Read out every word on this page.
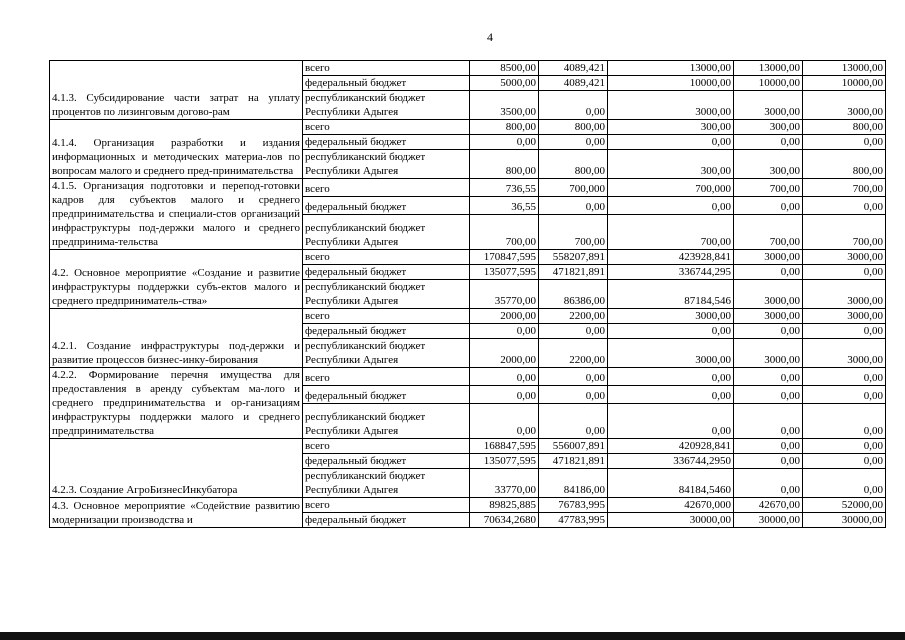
4
4.1.3. Субсидирование части затрат на уплату процентов по лизинговым догово-рам	всего	8500,00	4089,421	13000,00	13000,00	13000,00
	федеральный бюджет	5000,00	4089,421	10000,00	10000,00	10000,00
	республиканский бюджет Республики Адыгея	3500,00	0,00	3000,00	3000,00	3000,00
4.1.4. Организация разработки и издания информационных и методических материа-лов по вопросам малого и среднего пред-принимательства	всего	800,00	800,00	300,00	300,00	800,00
	федеральный бюджет	0,00	0,00	0,00	0,00	0,00
	республиканский бюджет Республики Адыгея	800,00	800,00	300,00	300,00	800,00
4.1.5. Организация подготовки и перепод-готовки кадров для субъектов малого и среднего предпринимательства и специали-стов организаций инфраструктуры под-держки малого и среднего предпринима-тельства	всего	736,55	700,000	700,000	700,00	700,00
	федеральный бюджет	36,55	0,00	0,00	0,00	0,00
	республиканский бюджет Республики Адыгея	700,00	700,00	700,00	700,00	700,00
4.2. Основное мероприятие «Создание и развитие инфраструктуры поддержки субъ-ектов малого и среднего предприниматель-ства»	всего	170847,595	558207,891	423928,841	3000,00	3000,00
	федеральный бюджет	135077,595	471821,891	336744,295	0,00	0,00
	республиканский бюджет Республики Адыгея	35770,00	86386,00	87184,546	3000,00	3000,00
4.2.1. Создание инфраструктуры под-держки и развитие процессов бизнес-инку-бирования	всего	2000,00	2200,00	3000,00	3000,00	3000,00
	федеральный бюджет	0,00	0,00	0,00	0,00	0,00
	республиканский бюджет Республики Адыгея	2000,00	2200,00	3000,00	3000,00	3000,00
4.2.2. Формирование перечня имущества для предоставления в аренду субъектам ма-лого и среднего предпринимательства и ор-ганизациям инфраструктуры поддержки малого и среднего предпринимательства	всего	0,00	0,00	0,00	0,00	0,00
	федеральный бюджет	0,00	0,00	0,00	0,00	0,00
	республиканский бюджет Республики Адыгея	0,00	0,00	0,00	0,00	0,00
4.2.3. Создание АгроБизнесИнкубатора	всего	168847,595	556007,891	420928,841	0,00	0,00
	федеральный бюджет	135077,595	471821,891	336744,2950	0,00	0,00
	республиканский бюджет Республики Адыгея	33770,00	84186,00	84184,5460	0,00	0,00
4.3. Основное мероприятие «Содействие развитию модернизации производства и	всего	89825,885	76783,995	42670,000	42670,00	52000,00
	федеральный бюджет	70634,2680	47783,995	30000,00	30000,00	30000,00
